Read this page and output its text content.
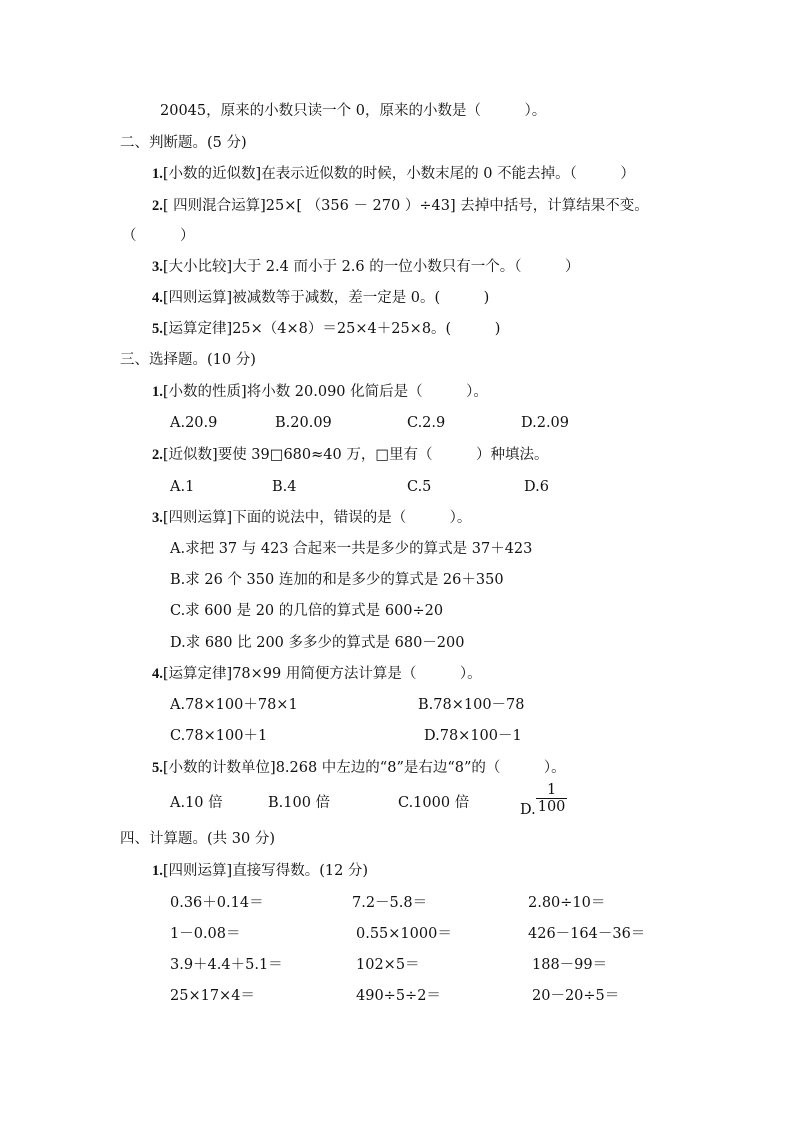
20045，原来的小数只读一个 0，原来的小数是（　　　）。
二、判断题。(5 分)
1.[小数的近似数]在表示近似数的时候，小数末尾的 0 不能去掉。（　　　）
2.[ 四则混合运算]25×[ （356 － 270 ）÷43] 去掉中括号，计算结果不变。
（　　　）
3.[大小比较]大于 2.4 而小于 2.6 的一位小数只有一个。（　　　）
4.[四则运算]被减数等于减数，差一定是 0。(　　　)
5.[运算定律]25×（4×8）＝25×4＋25×8。(　　　)
三、选择题。(10 分)
1.[小数的性质]将小数 20.090 化简后是（　　　）。
A.20.9	B.20.09	C.2.9	D.2.09
2.[近似数]要使 39□680≈40 万，□里有（　　　）种填法。
A.1	B.4	C.5	D.6
3.[四则运算]下面的说法中，错误的是（　　　）。
A.求把 37 与 423 合起来一共是多少的算式是 37＋423
B.求 26 个 350 连加的和是多少的算式是 26＋350
C.求 600 是 20 的几倍的算式是 600÷20
D.求 680 比 200 多多少的算式是 680－200
4.[运算定律]78×99 用简便方法计算是（　　　）。
A.78×100＋78×1	B.78×100－78
C.78×100＋1	D.78×100－1
5.[小数的计数单位]8.268 中左边的“8”是右边“8”的（　　　）。
A.10 倍	B.100 倍	C.1000 倍	D. $\frac{1}{100}$
四、计算题。(共 30 分)
1.[四则运算]直接写得数。(12 分)
0.36＋0.14＝	7.2－5.8＝	2.80÷10＝
1－0.08＝	0.55×1000＝	426－164－36＝
3.9＋4.4＋5.1＝	102×5＝	188－99＝
25×17×4＝	490÷5÷2＝	20－20÷5＝
